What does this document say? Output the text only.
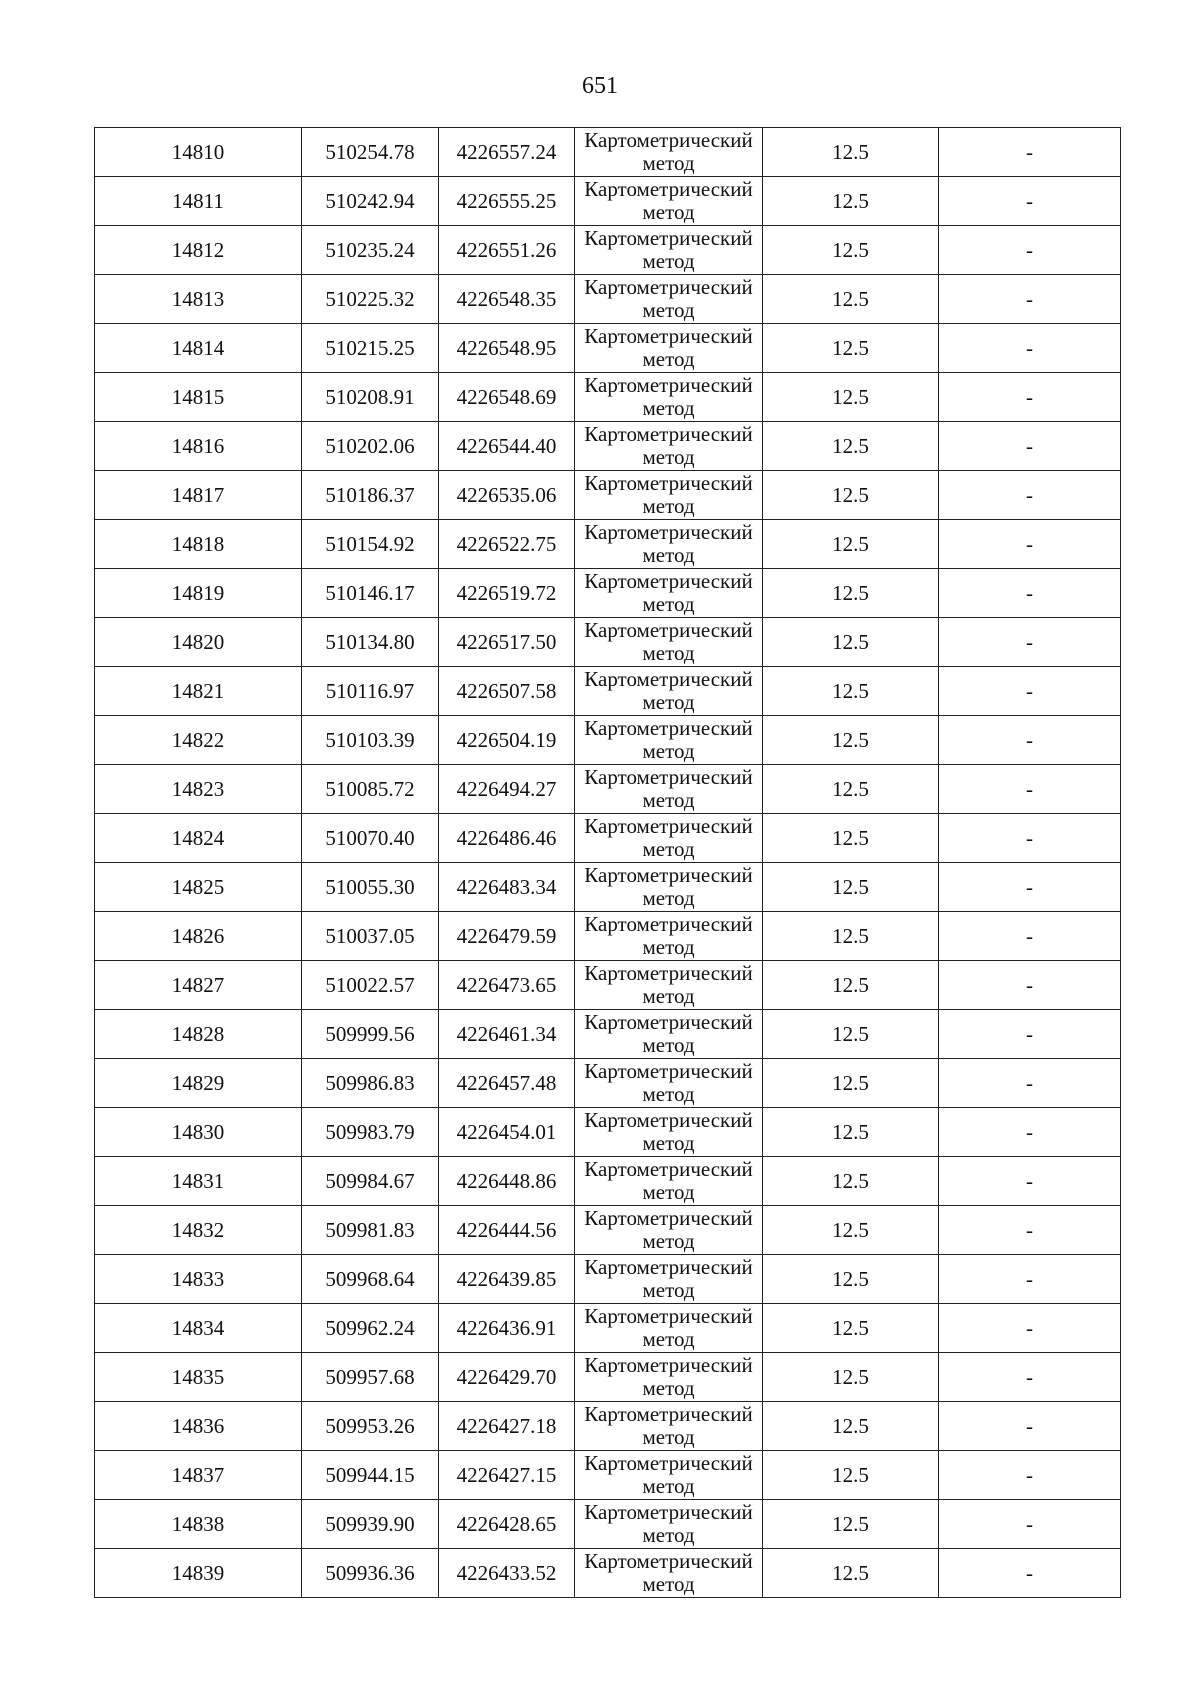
651
14810	510254.78	4226557.24	Картометрический
метод	12.5	-
14811	510242.94	4226555.25	Картометрический
метод	12.5	-
14812	510235.24	4226551.26	Картометрический
метод	12.5	-
14813	510225.32	4226548.35	Картометрический
метод	12.5	-
14814	510215.25	4226548.95	Картометрический
метод	12.5	-
14815	510208.91	4226548.69	Картометрический
метод	12.5	-
14816	510202.06	4226544.40	Картометрический
метод	12.5	-
14817	510186.37	4226535.06	Картометрический
метод	12.5	-
14818	510154.92	4226522.75	Картометрический
метод	12.5	-
14819	510146.17	4226519.72	Картометрический
метод	12.5	-
14820	510134.80	4226517.50	Картометрический
метод	12.5	-
14821	510116.97	4226507.58	Картометрический
метод	12.5	-
14822	510103.39	4226504.19	Картометрический
метод	12.5	-
14823	510085.72	4226494.27	Картометрический
метод	12.5	-
14824	510070.40	4226486.46	Картометрический
метод	12.5	-
14825	510055.30	4226483.34	Картометрический
метод	12.5	-
14826	510037.05	4226479.59	Картометрический
метод	12.5	-
14827	510022.57	4226473.65	Картометрический
метод	12.5	-
14828	509999.56	4226461.34	Картометрический
метод	12.5	-
14829	509986.83	4226457.48	Картометрический
метод	12.5	-
14830	509983.79	4226454.01	Картометрический
метод	12.5	-
14831	509984.67	4226448.86	Картометрический
метод	12.5	-
14832	509981.83	4226444.56	Картометрический
метод	12.5	-
14833	509968.64	4226439.85	Картометрический
метод	12.5	-
14834	509962.24	4226436.91	Картометрический
метод	12.5	-
14835	509957.68	4226429.70	Картометрический
метод	12.5	-
14836	509953.26	4226427.18	Картометрический
метод	12.5	-
14837	509944.15	4226427.15	Картометрический
метод	12.5	-
14838	509939.90	4226428.65	Картометрический
метод	12.5	-
14839	509936.36	4226433.52	Картометрический
метод	12.5	-
